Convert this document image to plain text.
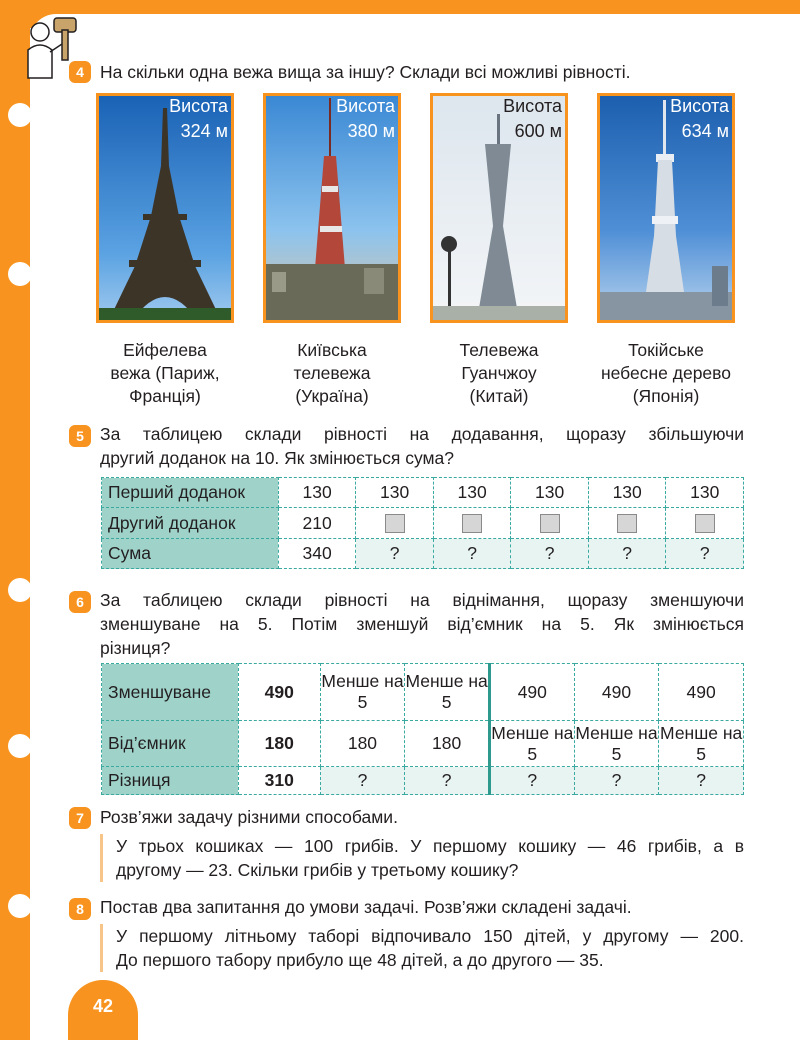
4 На скільки одна вежа вища за іншу? Склади всі можливі рівності.
Висота
324 м
Висота
380 м
Висота
600 м
Висота
634 м
Ейфелева
вежа (Париж,
Франція)
Київська
телевежа
(Україна)
Телевежа
Гуанчжоу
(Китай)
Токійське
небесне дерево
(Японія)
5 За таблицею склади рівності на додавання, щоразу збільшуючи
другий доданок на 10. Як змінюється сума?
Перший доданок	130	130	130	130	130	130
Другий доданок	210					
Сума	340	?	?	?	?	?
6 За таблицею склади рівності на віднімання, щоразу зменшуючи
зменшуване на 5. Потім зменшуй від’ємник на 5. Як змінюється
різниця?
Зменшуване	490	Менше на 5	Менше на 5	490	490	490
Від’ємник	180	180	180	Менше на 5	Менше на 5	Менше на 5
Різниця	310	?	?	?	?	?
7 Розв’яжи задачу різними способами.
У трьох кошиках — 100 грибів. У першому кошику — 46 грибів, а в
другому — 23. Скільки грибів у третьому кошику?
8 Постав два запитання до умови задачі. Розв’яжи складені задачі.
У першому літньому таборі відпочивало 150 дітей, у другому — 200.
До першого табору прибуло ще 48 дітей, а до другого — 35.
42
